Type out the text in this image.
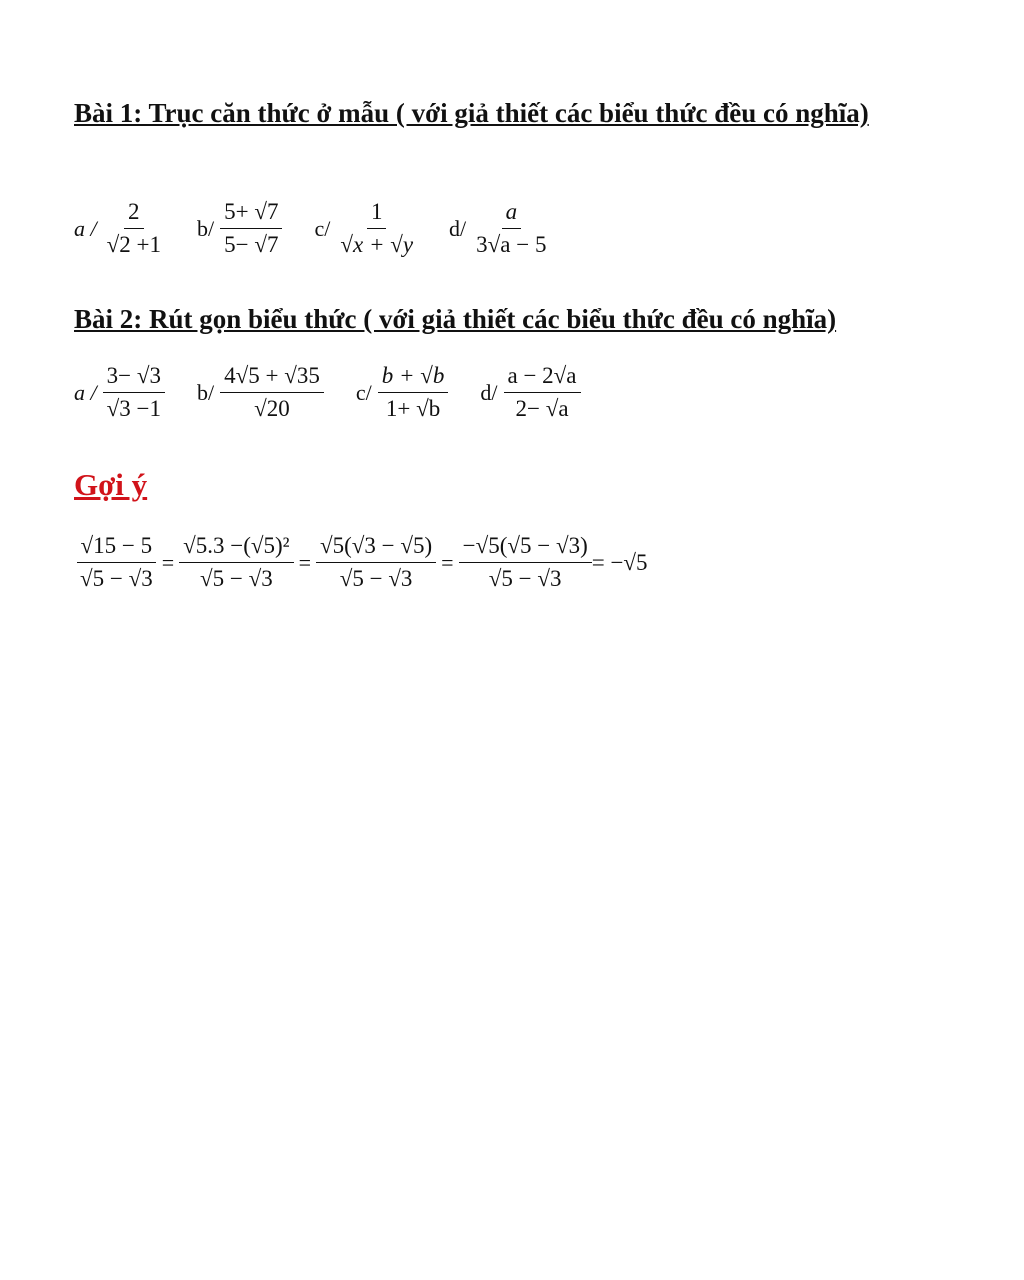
Bài 1: Trục căn thức ở mẫu ( với giả thiết các biểu thức đều có nghĩa)
a / $\frac{2}{√2 +1} b/ \frac{5+ √7}{5- √7} c/ \frac{1}{√x + √y} d/ \frac{a}{3√a - 5}$
Bài 2: Rút gọn biểu thức ( với giả thiết các biểu thức đều có nghĩa)
a / $\frac{3- √3}{√3 -1} b/ \frac{4√5 + √35}{√20} c/ \frac{b + √b}{1+ √b} d/ \frac{a - 2√a}{2- √a}$
Gợi ý
$\frac{√15 - 5}{√5 - √3} = \frac{\text{√5.3 −(√5)²}}{√5 - √3} = \frac{√5(√3 - √5)}{√5 - √3} = \frac{-√5(√5 - √3)}{√5 - √3} = -√5$
